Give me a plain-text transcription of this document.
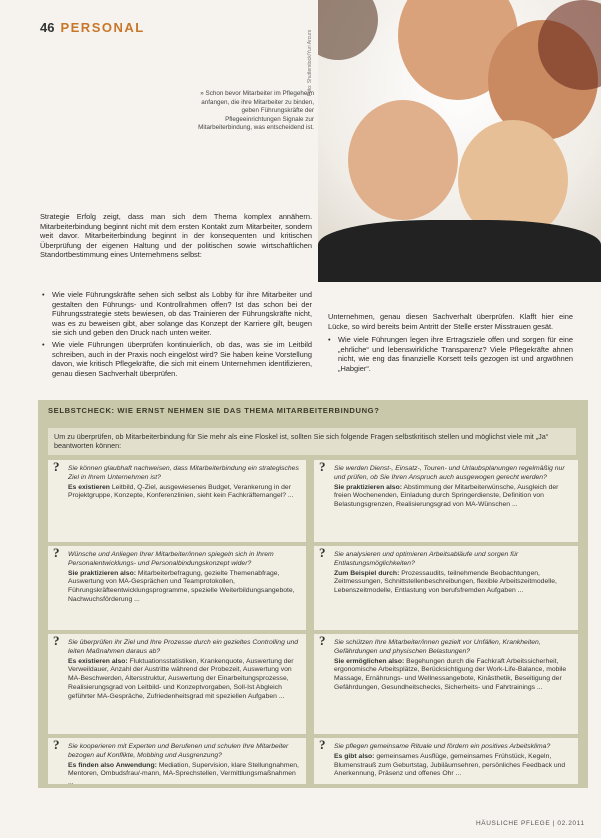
46 PERSONAL
Foto: Shutterstock/Yuri Arcurs
» Schon bevor Mitarbeiter im Pflegeheim anfangen, die ihre Mitarbeiter zu binden, geben Führungskräfte der Pflegeeinrichtungen Signale zur Mitarbeiterbindung, was entscheidend ist.

Strategie Erfolg zeigt, dass man sich dem Thema komplex annähern. Mitarbeiterbindung beginnt nicht mit dem ersten Kontakt zum Mitarbeiter, sondern weit davor. Mitarbeiterbindung beginnt in der konsequenten und kritischen Überprüfung der eigenen Haltung und der politischen sowie wirtschaftlichen Standortbestimmung eines Unternehmens selbst:

• Wie viele Führungskräfte sehen sich selbst als Lobby für ihre Mitarbeiter und gestalten den Führungs- und Kontrollrahmen offen? Ist das schon bei der Führungsstrategie stets bewiesen, ob das Trainieren der Führungskräfte nicht, was es zu beweisen gibt, aber solange das Konzept der Karriere gilt, beugen sie sich und geben den Druck nach unten weiter.
• Wie viele Führungen überprüfen kontinuierlich, ob das, was sie im Leitbild schreiben, auch in der Praxis noch eingelöst wird? Sie haben keine Vorstellung davon, wie kritisch Pflegekräfte, die sich mit einem Unternehmen identifizieren, genau diesen Sachverhalt überprüfen.

Unternehmen, genau diesen Sachverhalt überprüfen. Klafft hier eine Lücke, so wird bereits beim Antritt der Stelle erster Misstrauen gesät.

• Wie viele Führungen legen ihre Ertragsziele offen und sorgen für eine „ehrliche“ und lebenswirkliche Transparenz? Viele Pflegekräfte ahnen nicht, wie eng das finanzielle Korsett teils gezogen ist und argwöhnen „Habgier“.

SELBSTCHECK: WIE ERNST NEHMEN SIE DAS THEMA MITARBEITERBINDUNG?
Um zu überprüfen, ob Mitarbeiterbindung für Sie mehr als eine Floskel ist, sollten Sie sich folgende Fragen selbstkritisch stellen und möglichst viele mit „Ja“ beantworten können:
? Sie können glaubhaft nachweisen, dass Mitarbeiterbindung ein strategisches Ziel in Ihrem Unternehmen ist?
Es existieren Leitbild, Q-Ziel, ausgewiesenes Budget, Verankerung in der Projektgruppe, Konzepte, Konferenzlinien, sieht kein Fachkräftemangel? ...
? Wünsche und Anliegen Ihrer Mitarbeiter/innen spiegeln sich in Ihrem Personalentwicklungs- und Personalbindungskonzept wider?
Sie praktizieren also: Mitarbeiterbefragung, gezielte Themenabfrage, Auswertung von MA-Gesprächen und Teamprotokollen, Führungskräfteentwicklungsprogramme, spezielle Weiterbildungsangebote, Nachwuchsförderung ...
? Sie überprüfen ihr Ziel und Ihre Prozesse durch ein gezieltes Controlling und leiten Maßnahmen daraus ab?
Es existieren also: Fluktuationsstatistiken, Krankenquote, Auswertung der Verweildauer, Anzahl der Austritte während der Probezeit, Auswertung von MA-Beschwerden, Altersstruktur, Auswertung der Einarbeitungsprozesse, Realisierungsgrad von Leitbild- und Konzeptvorgaben, Soll-Ist Abgleich geführter MA-Gespräche, Zufriedenheitsgrad mit speziellen Aufgaben ...
? Sie kooperieren mit Experten und Berufenen und schulen Ihre Mitarbeiter bezogen auf Konflikte, Mobbing und Ausgrenzung?
Es finden also Anwendung: Mediation, Supervision, klare Stellungnahmen, Mentoren, Ombudsfrau/-mann, MA-Sprechstellen, Vermittlungsmaßnahmen ...
? Sie werden Dienst-, Einsatz-, Touren- und Urlaubsplanungen regelmäßig nur und prüfen, ob Sie Ihren Anspruch auch ausgewogen gerecht werden?
Sie praktizieren also: Abstimmung der Mitarbeiterwünsche, Ausgleich der freien Wochenenden, Einladung durch Springerdienste, Definition von Belastungsgrenzen, Realisierungsgrad von MA-Wünschen ...
? Sie analysieren und optimieren Arbeitsabläufe und sorgen für Entlastungsmöglichkeiten?
Zum Beispiel durch: Prozessaudits, teilnehmende Beobachtungen, Zeitmessungen, Schnittstellenbeschreibungen, flexible Arbeitszeitmodelle, Lebenszeitmodelle, Entlastung von berufsfremden Aufgaben ...
? Sie schützen Ihre Mitarbeiter/innen gezielt vor Unfällen, Krankheiten, Gefährdungen und physischen Belastungen?
Sie ermöglichen also: Begehungen durch die Fachkraft Arbeitssicherheit, ergonomische Arbeitsplätze, Berücksichtigung der Work-Life-Balance, mobile Massage, Ernährungs- und Wellnessangebote, Kinästhetik, Beseitigung der Gefährdungen, Gesundheitschecks, Sicherheits- und Fahrtrainings ...
? Sie pflegen gemeinsame Rituale und fördern ein positives Arbeitsklima?
Es gibt also: gemeinsames Ausflüge, gemeinsames Frühstück, Kegeln, Blumenstrauß zum Geburtstag, Jubiläumsehren, persönliches Feedback und Anerkennung, Präsenz und offenes Ohr ...
HÄUSLICHE PFLEGE | 02.2011
